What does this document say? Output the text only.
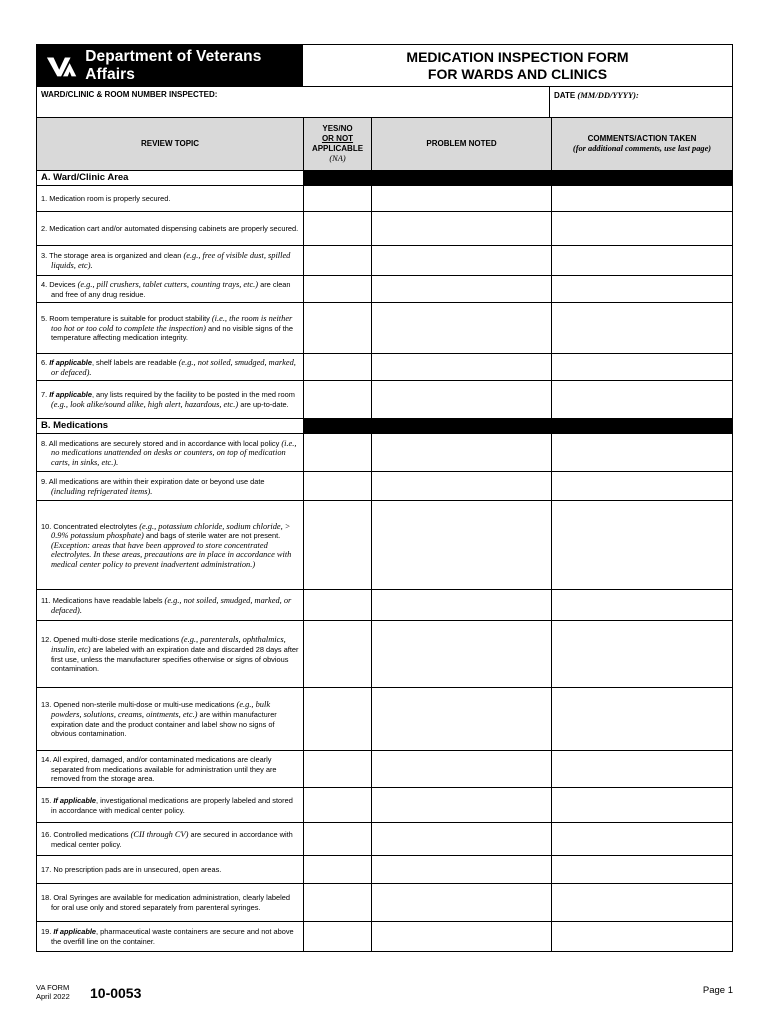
Department of Veterans Affairs
MEDICATION INSPECTION FORM
FOR WARDS AND CLINICS
WARD/CLINIC & ROOM NUMBER INSPECTED:	DATE (MM/DD/YYYY):
REVIEW TOPIC
YES/NO
OR NOT
APPLICABLE
(NA)
PROBLEM NOTED
COMMENTS/ACTION TAKEN
(for additional comments, use last page)
A. Ward/Clinic Area
1. Medication room is properly secured.
2. Medication cart and/or automated dispensing cabinets are properly secured.
3. The storage area is organized and clean (e.g., free of visible dust, spilled liquids, etc).
4. Devices (e.g., pill crushers, tablet cutters, counting trays, etc.) are clean and free of any drug residue.
5. Room temperature is suitable for product stability (i.e., the room is neither too hot or too cold to complete the inspection) and no visible signs of the temperature affecting medication integrity.
6. If applicable, shelf labels are readable (e.g., not soiled, smudged, marked, or defaced).
7. If applicable, any lists required by the facility to be posted in the med room (e.g., look alike/sound alike, high alert, hazardous, etc.) are up-to-date.
B. Medications
8. All medications are securely stored and in accordance with local policy (i.e., no medications unattended on desks or counters, on top of medication carts, in sinks, etc.).
9. All medications are within their expiration date or beyond use date (including refrigerated items).
10. Concentrated electrolytes (e.g., potassium chloride, sodium chloride, > 0.9% potassium phosphate) and bags of sterile water are not present.
(Exception: areas that have been approved to store concentrated electrolytes. In these areas, precautions are in place in accordance with medical center policy to prevent inadvertent administration.)
11. Medications have readable labels (e.g., not soiled, smudged, marked, or defaced).
12. Opened multi-dose sterile medications (e.g., parenterals, ophthalmics, insulin, etc) are labeled with an expiration date and discarded 28 days after first use, unless the manufacturer specifies otherwise or signs of obvious contamination.
13. Opened non-sterile multi-dose or multi-use medications (e.g., bulk powders, solutions, creams, ointments, etc.) are within manufacturer expiration date and the product container and label show no signs of obvious contamination.
14. All expired, damaged, and/or contaminated medications are clearly separated from medications available for administration until they are removed from the storage area.
15. If applicable, investigational medications are properly labeled and stored in accordance with medical center policy.
16. Controlled medications (CII through CV) are secured in accordance with medical center policy.
17. No prescription pads are in unsecured, open areas.
18. Oral Syringes are available for medication administration, clearly labeled for oral use only and stored separately from parenteral syringes.
19. If applicable, pharmaceutical waste containers are secure and not above the overfill line on the container.
VA FORM
April 2022 10-0053	Page 1
